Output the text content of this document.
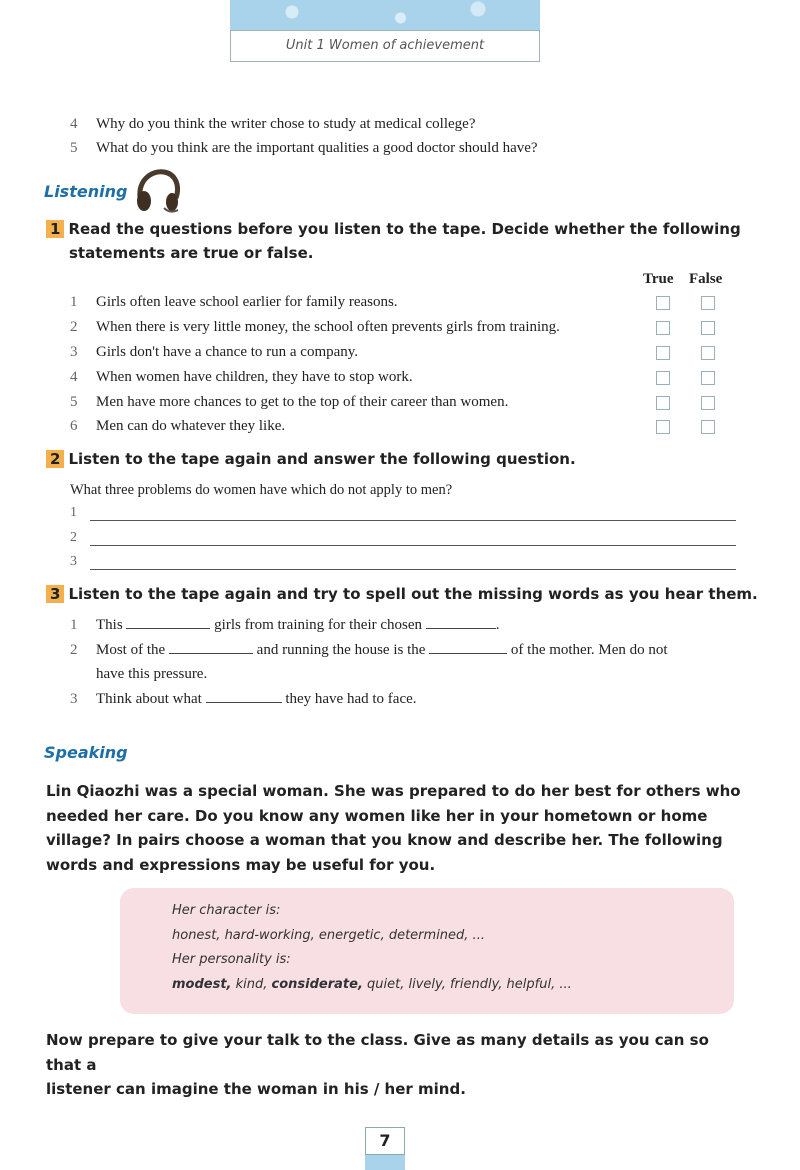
Unit 1 Women of achievement
4 Why do you think the writer chose to study at medical college?
5 What do you think are the important qualities a good doctor should have?
Listening
1 Read the questions before you listen to the tape. Decide whether the following
statements are true or false.
True False
1 Girls often leave school earlier for family reasons.
2 When there is very little money, the school often prevents girls from training.
3 Girls don't have a chance to run a company.
4 When women have children, they have to stop work.
5 Men have more chances to get to the top of their career than women.
6 Men can do whatever they like.
2 Listen to the tape again and answer the following question.
What three problems do women have which do not apply to men?
1
2
3
3 Listen to the tape again and try to spell out the missing words as you hear them.
1 This	girls from training for their chosen	.
2 Most of the	and running the house is the	of the mother. Men do not
have this pressure.
3 Think about what	they have had to face.
Speaking
Lin Qiaozhi was a special woman. She was prepared to do her best for others who
needed her care. Do you know any women like her in your hometown or home
village? In pairs choose a woman that you know and describe her. The following
words and expressions may be useful for you.
Her character is:
honest, hard-working, energetic, determined, ...
Her personality is:
modest, kind, considerate, quiet, lively, friendly, helpful, ...
Now prepare to give your talk to the class. Give as many details as you can so that a
listener can imagine the woman in his / her mind.
7
